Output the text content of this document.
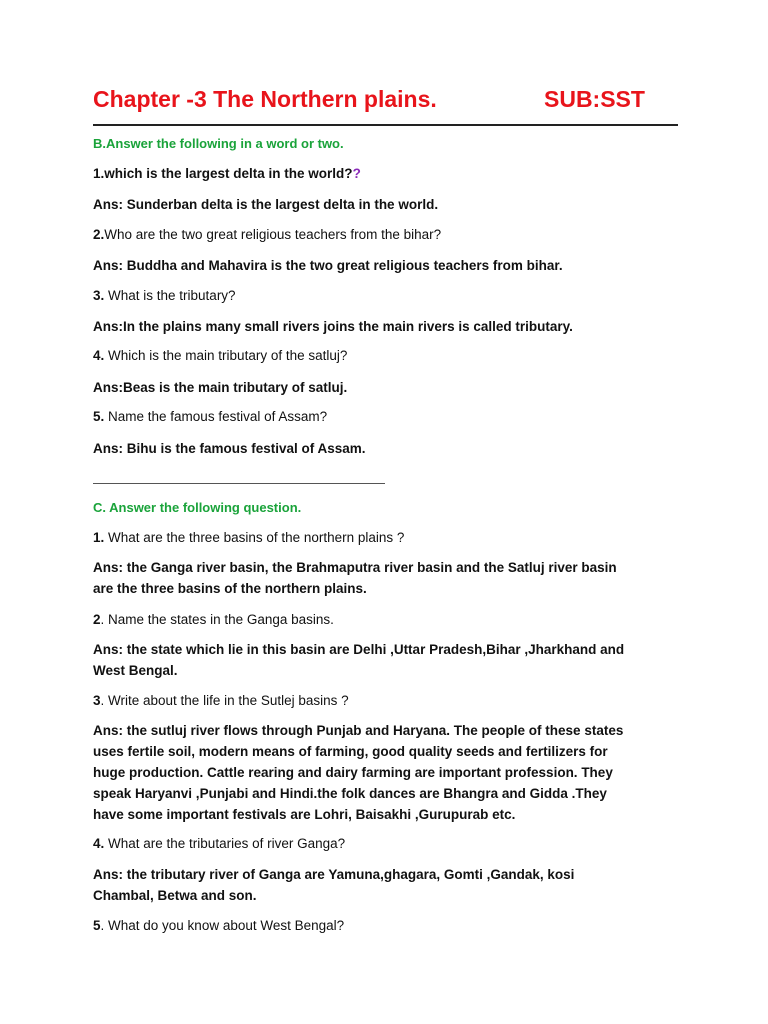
Chapter -3 The Northern plains.	SUB:SST
B.Answer the following in a word or two.
1.which is the largest delta in the world??
Ans: Sunderban delta is the largest delta in the world.
2.Who are the two great religious teachers from the bihar?
Ans: Buddha and Mahavira is the two great religious teachers from bihar.
3. What is the tributary?
Ans:In the plains many small rivers joins the main rivers is called tributary.
4. Which is the main tributary of the satluj?
Ans:Beas is the main tributary of satluj.
5. Name the famous festival of Assam?
Ans: Bihu is the famous festival of Assam.
C. Answer the following question.
1. What are the three basins of the northern plains ?
Ans: the Ganga river basin, the Brahmaputra river basin and the Satluj river basin
are the three basins of the northern plains.
2. Name the states in the Ganga basins.
Ans: the state which lie in this basin are Delhi ,Uttar Pradesh,Bihar ,Jharkhand and
West Bengal.
3. Write about the life in the Sutlej basins ?
Ans: the sutluj river flows through Punjab and Haryana. The people of these states
uses fertile soil, modern means of farming, good quality seeds and fertilizers for
huge production. Cattle rearing and dairy farming are important profession. They
speak Haryanvi ,Punjabi and Hindi.the folk dances are Bhangra and Gidda .They
have some important festivals are Lohri, Baisakhi ,Gurupurab etc.
4. What are the tributaries of river Ganga?
Ans: the tributary river of Ganga are Yamuna,ghagara, Gomti ,Gandak, kosi
Chambal, Betwa and son.
5. What do you know about West Bengal?
